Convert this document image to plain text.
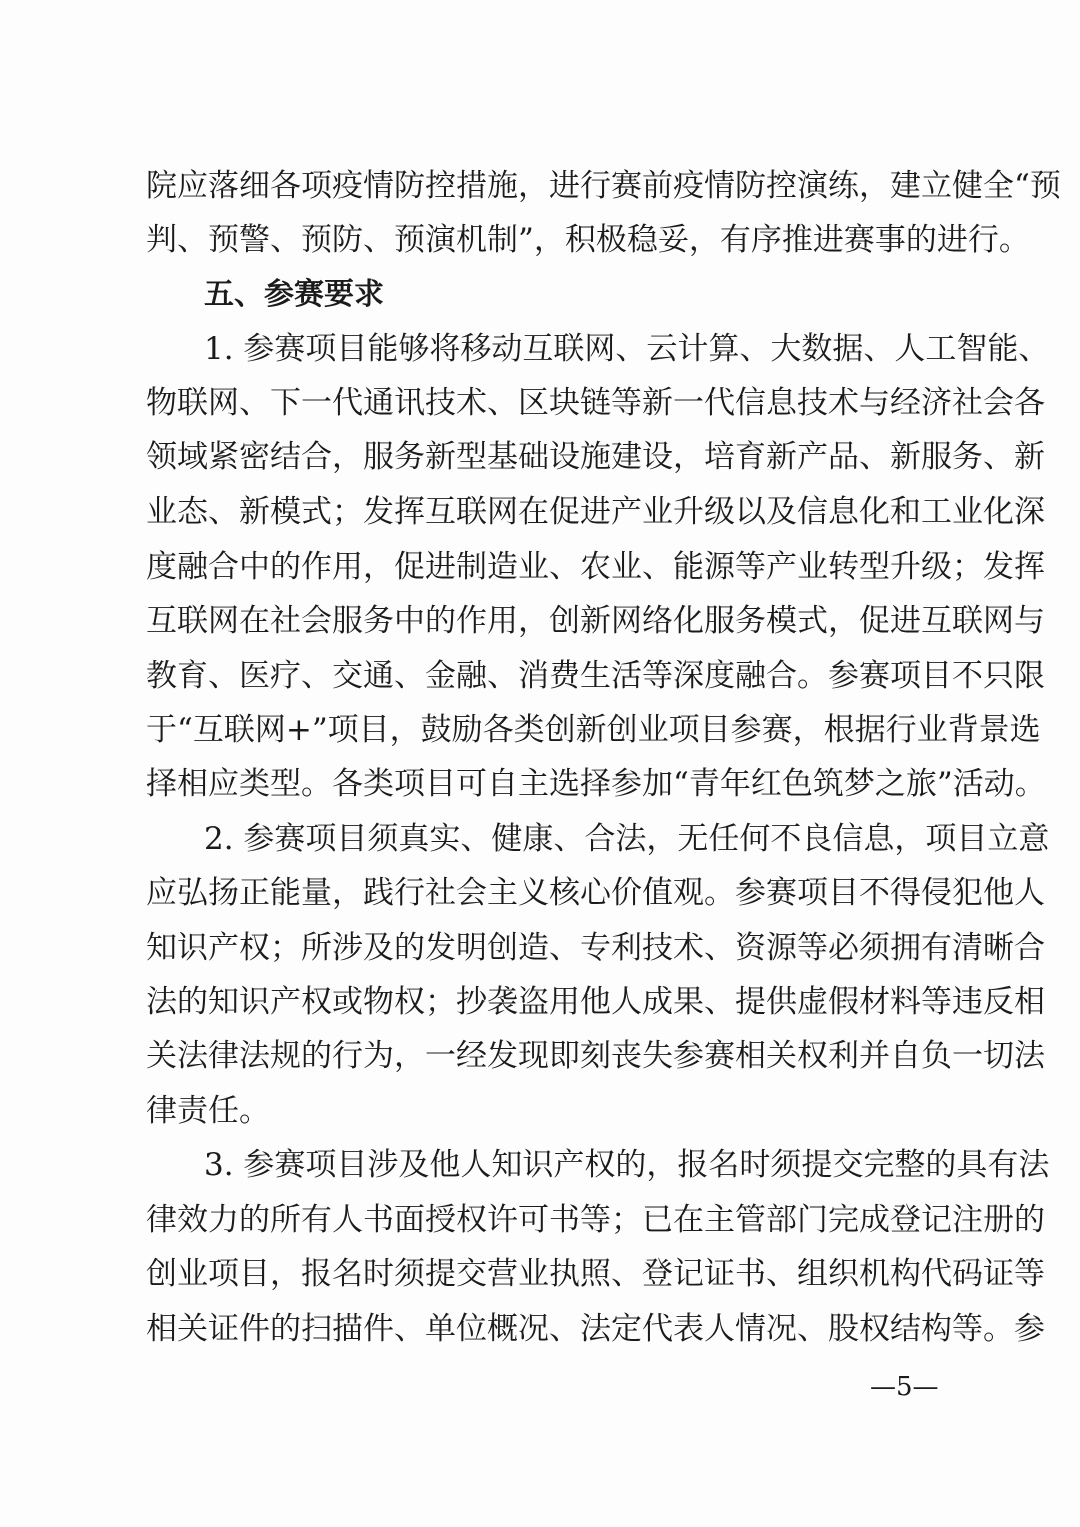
院应落细各项疫情防控措施，进行赛前疫情防控演练，建立健全“预
判、预警、预防、预演机制”，积极稳妥，有序推进赛事的进行。
五、参赛要求
1. 参赛项目能够将移动互联网、云计算、大数据、人工智能、
物联网、下一代通讯技术、区块链等新一代信息技术与经济社会各
领域紧密结合，服务新型基础设施建设，培育新产品、新服务、新
业态、新模式；发挥互联网在促进产业升级以及信息化和工业化深
度融合中的作用，促进制造业、农业、能源等产业转型升级；发挥
互联网在社会服务中的作用，创新网络化服务模式，促进互联网与
教育、医疗、交通、金融、消费生活等深度融合。参赛项目不只限
于“互联网+”项目，鼓励各类创新创业项目参赛，根据行业背景选
择相应类型。各类项目可自主选择参加“青年红色筑梦之旅”活动。
2. 参赛项目须真实、健康、合法，无任何不良信息，项目立意
应弘扬正能量，践行社会主义核心价值观。参赛项目不得侵犯他人
知识产权；所涉及的发明创造、专利技术、资源等必须拥有清晰合
法的知识产权或物权；抄袭盗用他人成果、提供虚假材料等违反相
关法律法规的行为，一经发现即刻丧失参赛相关权利并自负一切法
律责任。
3. 参赛项目涉及他人知识产权的，报名时须提交完整的具有法
律效力的所有人书面授权许可书等；已在主管部门完成登记注册的
创业项目，报名时须提交营业执照、登记证书、组织机构代码证等
相关证件的扫描件、单位概况、法定代表人情况、股权结构等。参
—5—
